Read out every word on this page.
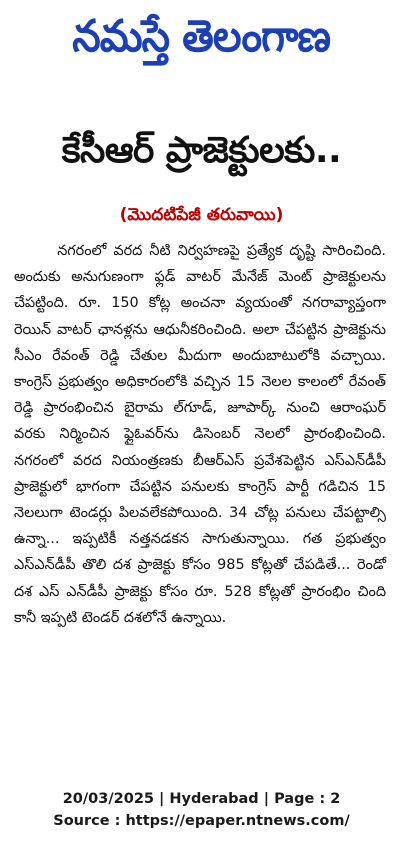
నమస్తే తెలంగాణ
కేసీఆర్ ప్రాజెక్టులకు..
(మొదటిపేజీ తరువాయి)

నగరంలో వరద నీటి నిర్వహణపై ప్రత్యేక దృష్టి సారించింది. అందుకు అనుగుణంగా ఫ్లడ్ వాటర్ మేనేజ్ మెంట్ ప్రాజెక్టులను చేపట్టింది. రూ. 150 కోట్ల అంచనా వ్యయంతో నగరావ్యాప్తంగా రెయిన్ వాటర్ ఛానళ్లను ఆధునీకరించింది. అలా చేపట్టిన ప్రాజెక్టును సీఎం రేవంత్ రెడ్డి చేతుల మీదుగా అందుబాటులోకి వచ్చాయి. కాంగ్రెస్ ప్రభుత్వం అధికారంలోకి వచ్చిన 15 నెలల కాలంలో రేవంత్ రెడ్డి ప్రారంభించిన బైరామ ల్‌గూడ్, జూపార్క్ నుంచి ఆరాంఘర్ వరకు నిర్మించిన ఫ్లైఓవర్‌ను డిసెంబర్ నెలలో ప్రారంభించింది. నగరంలో వరద నియంత్రణకు బీఆర్ఎస్ ప్రవేశపెట్టిన ఎస్ఎన్‌డీపీ ప్రాజెక్టులో భాగంగా చేపట్టిన పనులకు కాంగ్రెస్ పార్టీ గడిచిన 15 నెలలుగా టెండర్లు పిలవలేకపోయింది. 34 చోట్ల పనులు చేపట్టాల్సి ఉన్నా... ఇప్పటికీ నత్తనడకన సాగుతున్నాయి. గత ప్రభుత్వం ఎస్ఎన్‌డీపీ తొలి దశ ప్రాజెక్టు కోసం 985 కోట్లతో చేపడితే... రెండో దశ ఎస్ ఎన్‌డీపీ ప్రాజెక్టు కోసం రూ. 528 కోట్లతో ప్రారంభిం చింది కానీ ఇప్పటి టెండర్ దశలోనే ఉన్నాయి.

20/03/2025 | Hyderabad | Page : 2
Source : https://epaper.ntnews.com/
